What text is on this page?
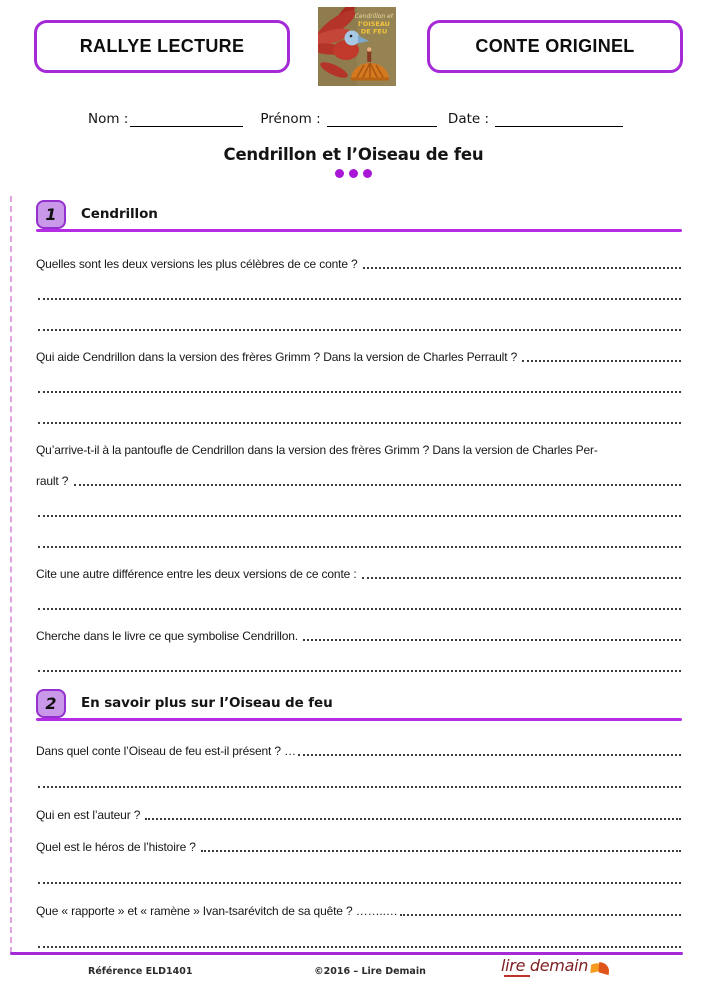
RALLYE LECTURE
Cendrillon et
l’OISEAU
DE FEU
CONTE ORIGINEL
Nom :	Prénom :	Date :
Cendrillon et l’Oiseau de feu
1	Cendrillon
Quelles sont les deux versions les plus célèbres de ce conte ?
Qui aide Cendrillon dans la version des frères Grimm ? Dans la version de Charles Perrault ?
Qu’arrive-t-il à la pantoufle de Cendrillon dans la version des frères Grimm ? Dans la version de Charles Per-
rault ?
Cite une autre différence entre les deux versions de ce conte :
Cherche dans le livre ce que symbolise Cendrillon.
2	En savoir plus sur l’Oiseau de feu
Dans quel conte l’Oiseau de feu est-il présent ? …
Qui en est l’auteur ?
Quel est le héros de l’histoire ?
Que « rapporte » et « ramène » Ivan-tsarévitch de sa quête ? ……..…
Référence ELD1401	©2016 – Lire Demain	lire demain
